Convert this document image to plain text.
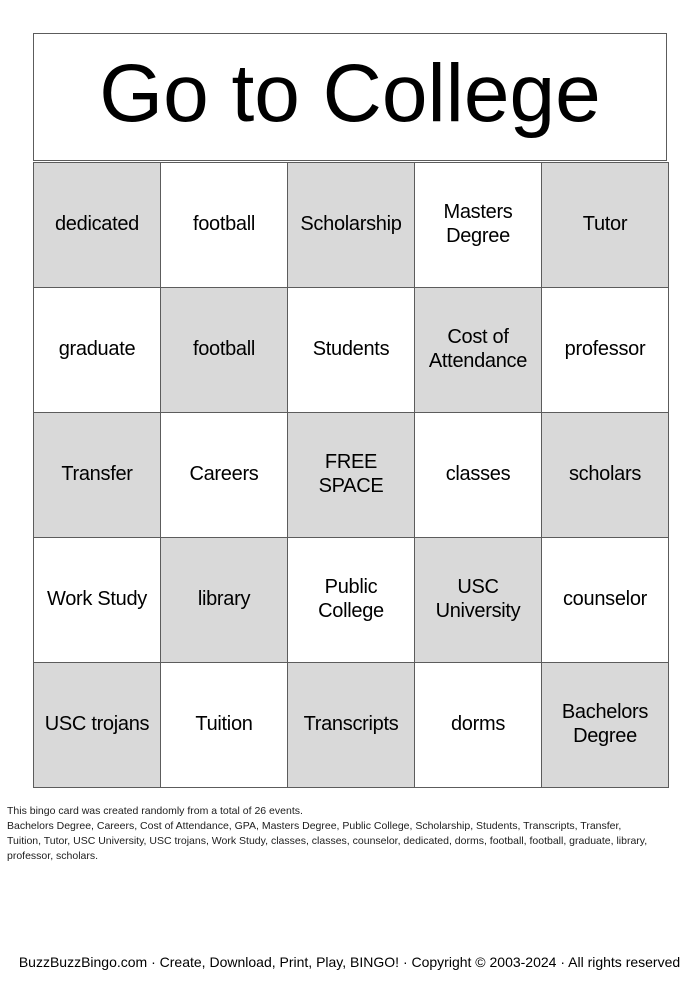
Go to College
dedicated	football	Scholarship	Masters Degree	Tutor
graduate	football	Students	Cost of Attendance	professor
Transfer	Careers	FREE SPACE	classes	scholars
Work Study	library	Public College	USC University	counselor
USC trojans	Tuition	Transcripts	dorms	Bachelors Degree
This bingo card was created randomly from a total of 26 events.
Bachelors Degree, Careers, Cost of Attendance, GPA, Masters Degree, Public College, Scholarship, Students, Transcripts, Transfer, Tuition, Tutor, USC University, USC trojans, Work Study, classes, classes, counselor, dedicated, dorms, football, football, graduate, library, professor, scholars.
BuzzBuzzBingo.com · Create, Download, Print, Play, BINGO! · Copyright © 2003-2024 · All rights reserved
